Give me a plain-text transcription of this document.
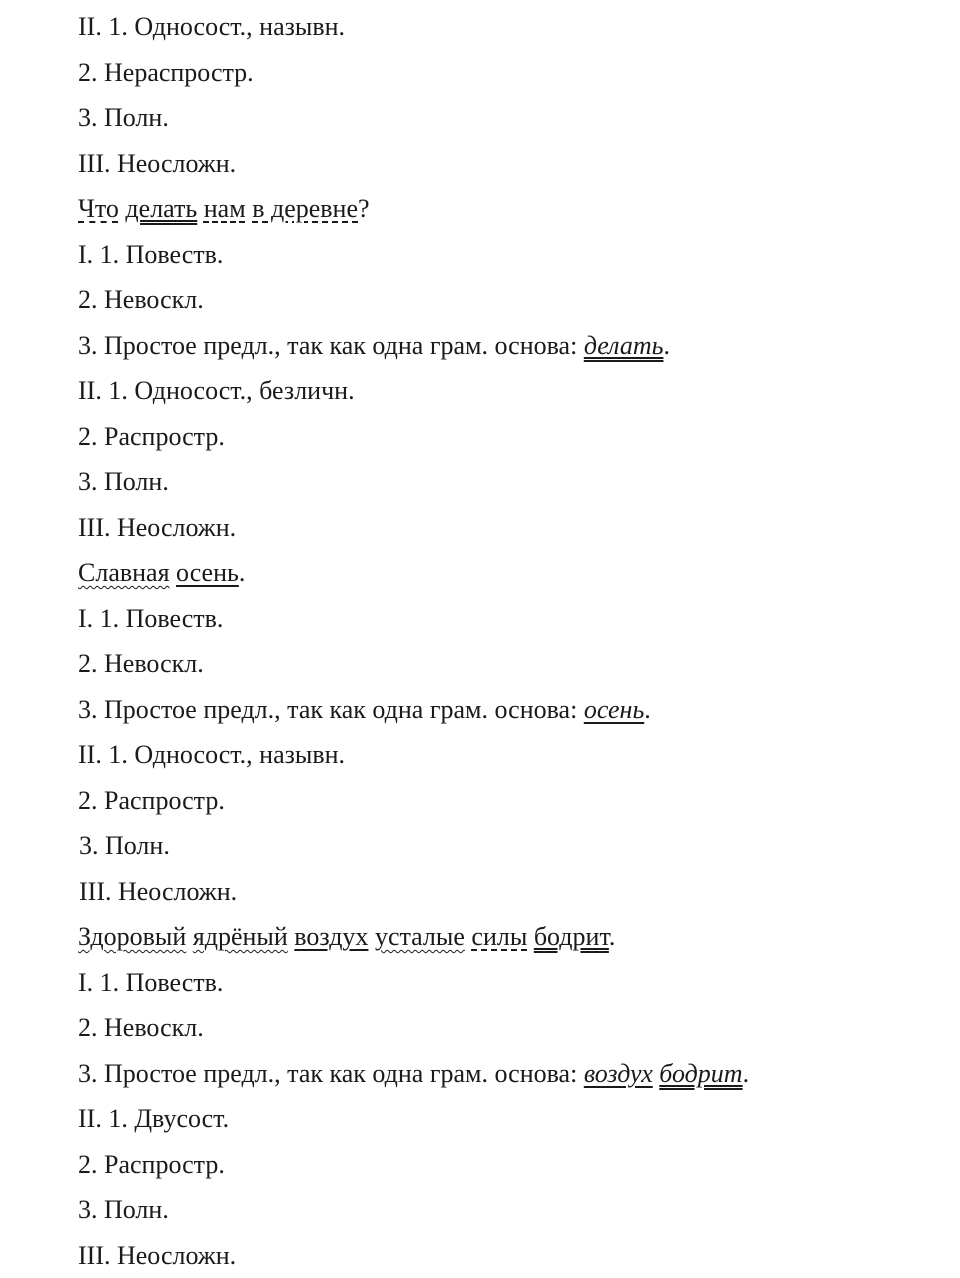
II. 1. Односост., назывн.
2. Нераспростр.
3. Полн.
III. Неосложн.
Что делать нам в деревне?
I. 1. Повеств.
2. Невоскл.
3. Простое предл., так как одна грам. основа: делать.
II. 1. Односост., безличн.
2. Распростр.
3. Полн.
III. Неосложн.
Славная осень.
I. 1. Повеств.
2. Невоскл.
3. Простое предл., так как одна грам. основа: осень.
II. 1. Односост., назывн.
2. Распростр.
3. Полн.
III. Неосложн.
Здоровый ядрёный воздух усталые силы бодрит.
I. 1. Повеств.
2. Невоскл.
3. Простое предл., так как одна грам. основа: воздух бодрит.
II. 1. Двусост.
2. Распростр.
3. Полн.
III. Неосложн.
